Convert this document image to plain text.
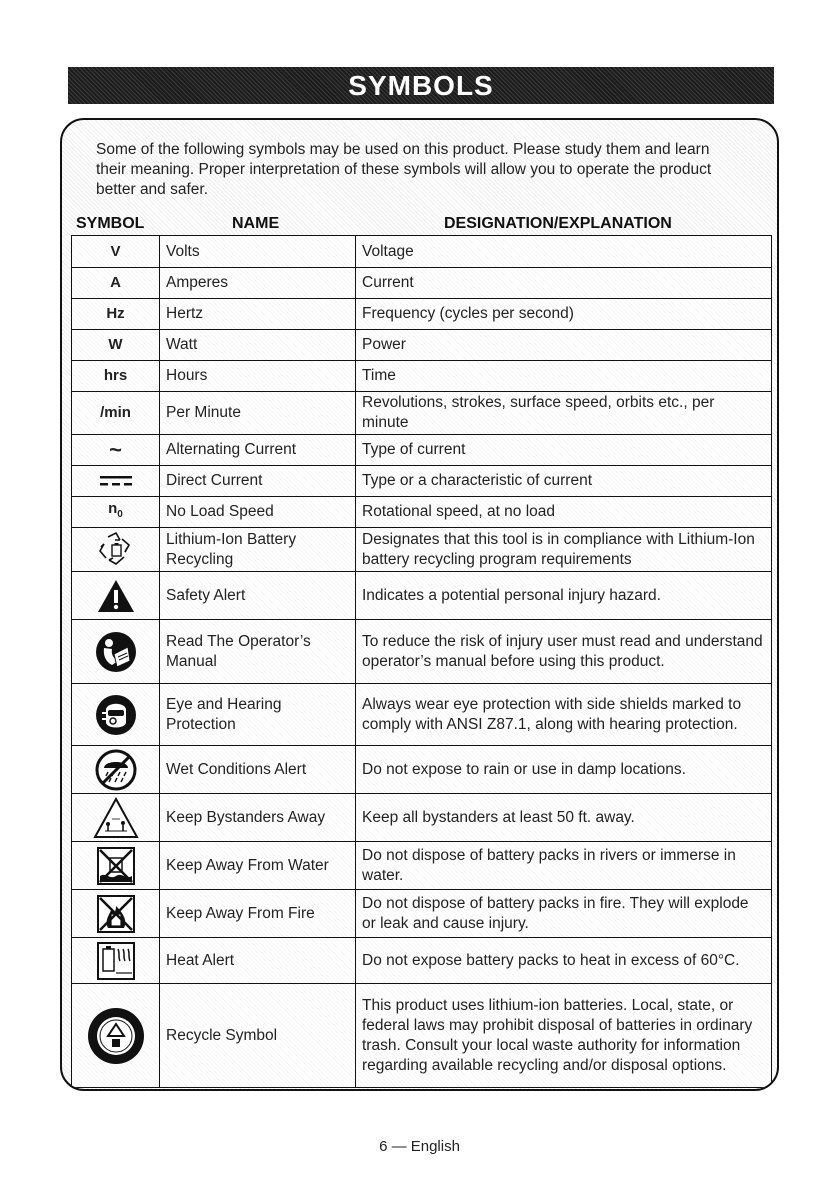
SYMBOLS

Some of the following symbols may be used on this product. Please study them and learn their meaning. Proper interpretation of these symbols will allow you to operate the product better and safer.

SYMBOL	NAME	DESIGNATION/EXPLANATION
V	Volts	Voltage
A	Amperes	Current
Hz	Hertz	Frequency (cycles per second)
W	Watt	Power
hrs	Hours	Time
/min	Per Minute	Revolutions, strokes, surface speed, orbits etc., per minute
~	Alternating Current	Type of current

	Direct Current	Type or a characteristic of current
$n_0$	No Load Speed	Rotational speed, at no load

	Lithium-Ion Battery Recycling	Designates that this tool is in compliance with Lithium-Ion battery recycling program requirements

	Safety Alert	Indicates a potential personal injury hazard.

	Read The Operator’s Manual	To reduce the risk of injury user must read and understand operator’s manual before using this product.

	Eye and Hearing Protection	Always wear eye protection with side shields marked to comply with ANSI Z87.1, along with hearing protection.

	Wet Conditions Alert	Do not expose to rain or use in damp locations.

	Keep Bystanders Away	Keep all bystanders at least 50 ft. away.

	Keep Away From Water	Do not dispose of battery packs in rivers or immerse in water.

	Keep Away From Fire	Do not dispose of battery packs in fire. They will explode or leak and cause injury.

	Heat Alert	Do not expose battery packs to heat in excess of 60°C.

	Recycle Symbol	This product uses lithium-ion batteries. Local, state, or federal laws may prohibit disposal of batteries in ordinary trash. Consult your local waste authority for information regarding available recycling and/or disposal options.
6 — English
